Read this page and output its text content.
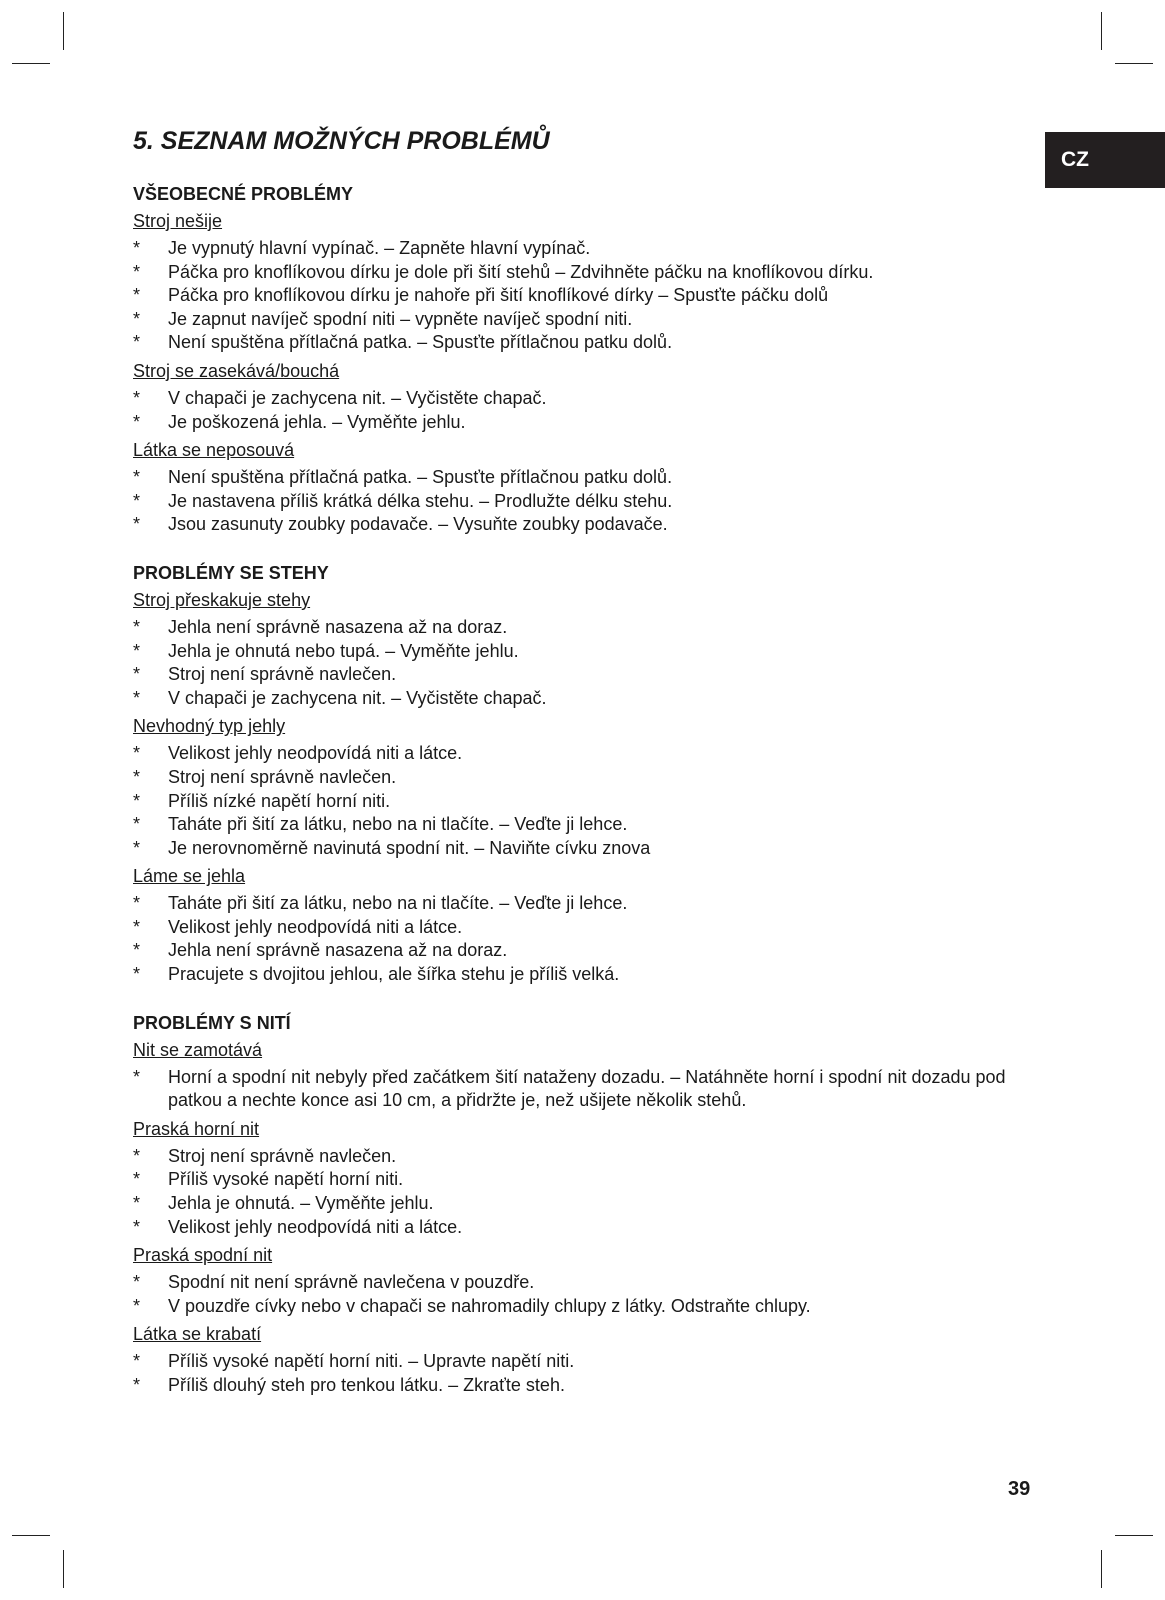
CZ
5. SEZNAM MOŽNÝCH PROBLÉMŮ
VŠEOBECNÉ PROBLÉMY
Stroj nešije
* Je vypnutý hlavní vypínač. – Zapněte hlavní vypínač.
* Páčka pro knoflíkovou dírku je dole při šití stehů – Zdvihněte páčku na knoflíkovou dírku.
* Páčka pro knoflíkovou dírku je nahoře při šití knoflíkové dírky – Spusťte páčku dolů
* Je zapnut navíječ spodní niti – vypněte navíječ spodní niti.
* Není spuštěna přítlačná patka. – Spusťte přítlačnou patku dolů.
Stroj se zasekává/bouchá
* V chapači je zachycena nit. – Vyčistěte chapač.
* Je poškozená jehla. – Vyměňte jehlu.
Látka se neposouvá
* Není spuštěna přítlačná patka. – Spusťte přítlačnou patku dolů.
* Je nastavena příliš krátká délka stehu. – Prodlužte délku stehu.
* Jsou zasunuty zoubky podavače. – Vysuňte zoubky podavače.
PROBLÉMY SE STEHY
Stroj přeskakuje stehy
* Jehla není správně nasazena až na doraz.
* Jehla je ohnutá nebo tupá. – Vyměňte jehlu.
* Stroj není správně navlečen.
* V chapači je zachycena nit. – Vyčistěte chapač.
Nevhodný typ jehly
* Velikost jehly neodpovídá niti a látce.
* Stroj není správně navlečen.
* Příliš nízké napětí horní niti.
* Taháte při šití za látku, nebo na ni tlačíte. – Veďte ji lehce.
* Je nerovnoměrně navinutá spodní nit. – Naviňte cívku znova
Láme se jehla
* Taháte při šití za látku, nebo na ni tlačíte. – Veďte ji lehce.
* Velikost jehly neodpovídá niti a látce.
* Jehla není správně nasazena až na doraz.
* Pracujete s dvojitou jehlou, ale šířka stehu je příliš velká.
PROBLÉMY S NITÍ
Nit se zamotává
* Horní a spodní nit nebyly před začátkem šití nataženy dozadu. – Natáhněte horní i spodní nit dozadu pod patkou a nechte konce asi 10 cm, a přidržte je, než ušijete několik stehů.
Praská horní nit
* Stroj není správně navlečen.
* Příliš vysoké napětí horní niti.
* Jehla je ohnutá. – Vyměňte jehlu.
* Velikost jehly neodpovídá niti a látce.
Praská spodní nit
* Spodní nit není správně navlečena v pouzdře.
* V pouzdře cívky nebo v chapači se nahromadily chlupy z látky. Odstraňte chlupy.
Látka se krabatí
* Příliš vysoké napětí horní niti. – Upravte napětí niti.
* Příliš dlouhý steh pro tenkou látku. – Zkraťte steh.
39
